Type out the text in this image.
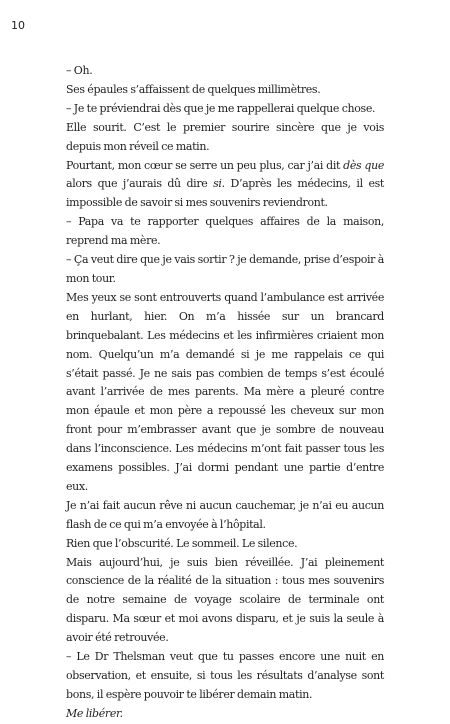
10

– Oh.

Ses épaules s’affaissent de quelques millimètres.

– Je te préviendrai dès que je me rappellerai quelque chose.

Elle sourit. C’est le premier sourire sincère que je vois depuis mon réveil ce matin.

Pourtant, mon cœur se serre un peu plus, car j’ai dit dès que alors que j’aurais dû dire si. D’après les médecins, il est impossible de savoir si mes souvenirs reviendront.

– Papa va te rapporter quelques affaires de la maison, reprend ma mère.

– Ça veut dire que je vais sortir ? je demande, prise d’espoir à mon tour.

Mes yeux se sont entrouverts quand l’ambulance est arrivée en hurlant, hier. On m’a hissée sur un brancard brinquebalant. Les médecins et les infirmières criaient mon nom. Quelqu’un m’a demandé si je me rappelais ce qui s’était passé. Je ne sais pas combien de temps s’est écoulé avant l’arrivée de mes parents. Ma mère a pleuré contre mon épaule et mon père a repoussé les cheveux sur mon front pour m’embrasser avant que je sombre de nouveau dans l’inconscience. Les médecins m’ont fait passer tous les examens possibles. J’ai dormi pendant une partie d’entre eux.

Je n’ai fait aucun rêve ni aucun cauchemar, je n’ai eu aucun flash de ce qui m’a envoyée à l’hôpital.

Rien que l’obscurité. Le sommeil. Le silence.

Mais aujourd’hui, je suis bien réveillée. J’ai pleinement conscience de la réalité de la situation : tous mes souvenirs de notre semaine de voyage scolaire de terminale ont disparu. Ma sœur et moi avons disparu, et je suis la seule à avoir été retrouvée.

– Le Dr Thelsman veut que tu passes encore une nuit en observation, et ensuite, si tous les résultats d’analyse sont bons, il espère pouvoir te libérer demain matin.

Me libérer.
